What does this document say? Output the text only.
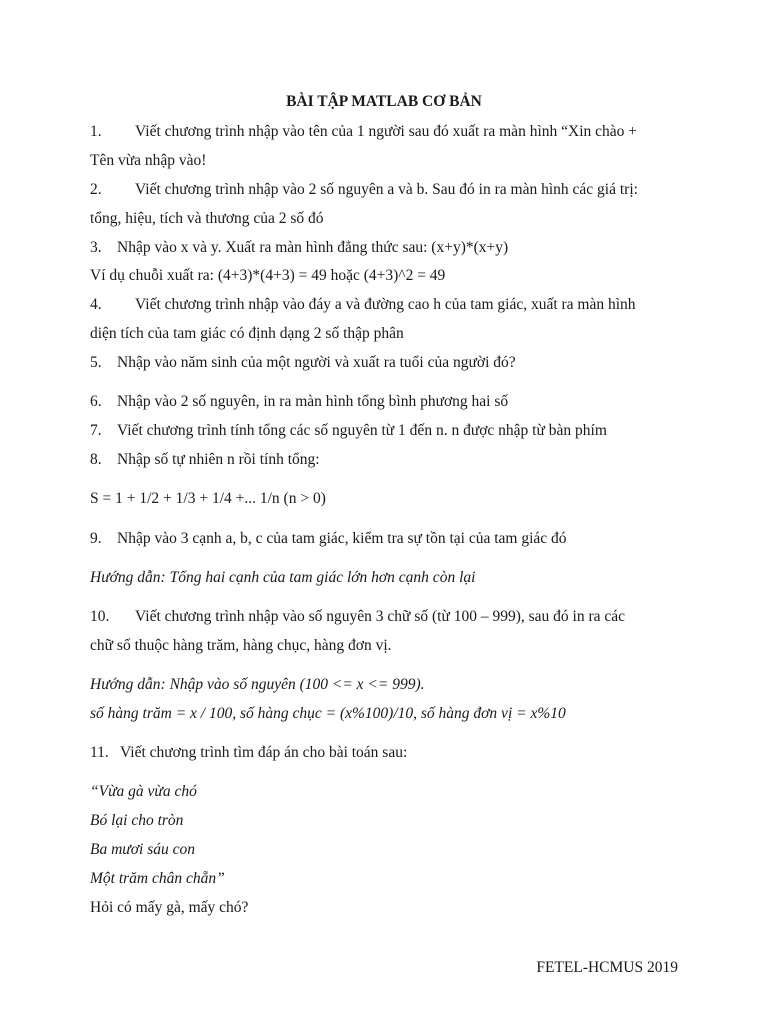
BÀI TẬP MATLAB CƠ BẢN
1. Viết chương trình nhập vào tên của 1 người sau đó xuất ra màn hình “Xin chào +
Tên vừa nhập vào!
2. Viết chương trình nhập vào 2 số nguyên a và b. Sau đó in ra màn hình các giá trị:
tổng, hiệu, tích và thương của 2 số đó
3. Nhập vào x và y. Xuất ra màn hình đẳng thức sau: (x+y)*(x+y)
Ví dụ chuỗi xuất ra: (4+3)*(4+3) = 49 hoặc (4+3)^2 = 49
4. Viết chương trình nhập vào đáy a và đường cao h của tam giác, xuất ra màn hình
diện tích của tam giác có định dạng 2 số thập phân
5. Nhập vào năm sinh của một người và xuất ra tuổi của người đó?
6. Nhập vào 2 số nguyên, in ra màn hình tổng bình phương hai số
7. Viết chương trình tính tổng các số nguyên từ 1 đến n. n được nhập từ bàn phím
8. Nhập số tự nhiên n rồi tính tổng:
S = 1 + 1/2 + 1/3 + 1/4 +... 1/n (n > 0)
9. Nhập vào 3 cạnh a, b, c của tam giác, kiểm tra sự tồn tại của tam giác đó
Hướng dẫn: Tổng hai cạnh của tam giác lớn hơn cạnh còn lại
10. Viết chương trình nhập vào số nguyên 3 chữ số (từ 100 – 999), sau đó in ra các
chữ số thuộc hàng trăm, hàng chục, hàng đơn vị.
Hướng dẫn: Nhập vào số nguyên (100 <= x <= 999).
số hàng trăm = x / 100, số hàng chục = (x%100)/10, số hàng đơn vị = x%10
11. Viết chương trình tìm đáp án cho bài toán sau:
“Vừa gà vừa chó
Bó lại cho tròn
Ba mươi sáu con
Một trăm chân chẵn”
Hỏi có mấy gà, mấy chó?
FETEL-HCMUS 2019
